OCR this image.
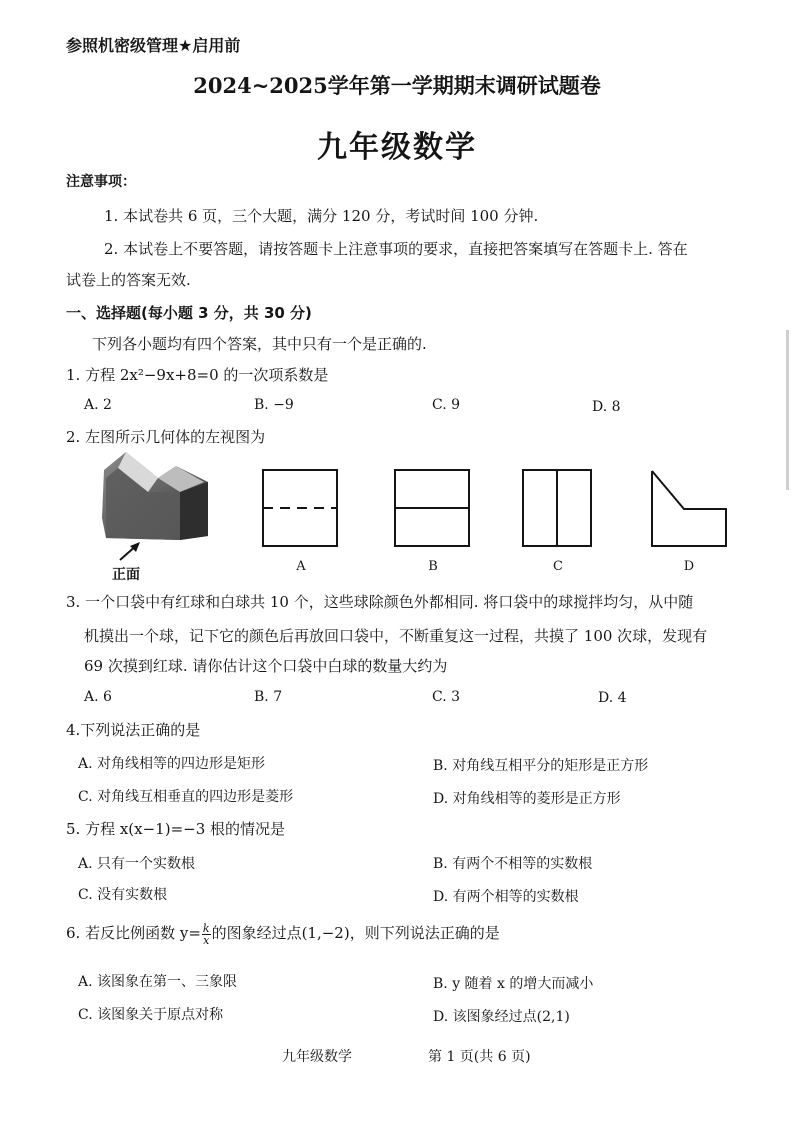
参照机密级管理★启用前
2024~2025学年第一学期期末调研试题卷
九年级数学
注意事项：
1. 本试卷共 6 页，三个大题，满分 120 分，考试时间 100 分钟.
2. 本试卷上不要答题，请按答题卡上注意事项的要求，直接把答案填写在答题卡上. 答在
试卷上的答案无效.
一、选择题(每小题 3 分，共 30 分)
下列各小题均有四个答案，其中只有一个是正确的.
1. 方程 2x²−9x+8=0 的一次项系数是
A. 2	B. −9	C. 9	D. 8
2. 左图所示几何体的左视图为
正面
A	B	C	D
3. 一个口袋中有红球和白球共 10 个，这些球除颜色外都相同. 将口袋中的球搅拌均匀，从中随
机摸出一个球，记下它的颜色后再放回口袋中，不断重复这一过程，共摸了 100 次球，发现有
69 次摸到红球. 请你估计这个口袋中白球的数量大约为
A. 6	B. 7	C. 3	D. 4
4.下列说法正确的是
A. 对角线相等的四边形是矩形	B. 对角线互相平分的矩形是正方形
C. 对角线互相垂直的四边形是菱形	D. 对角线相等的菱形是正方形
5. 方程 x(x−1)=−3 根的情况是
A. 只有一个实数根	B. 有两个不相等的实数根
C. 没有实数根	D. 有两个相等的实数根
6. 若反比例函数 $y= \frac{k}{x}$ 的图象经过点(1,−2)，则下列说法正确的是
A. 该图象在第一、三象限	B. y 随着 x 的增大而减小
C. 该图象关于原点对称	D. 该图象经过点(2,1)
九年级数学	第 1 页(共 6 页)
